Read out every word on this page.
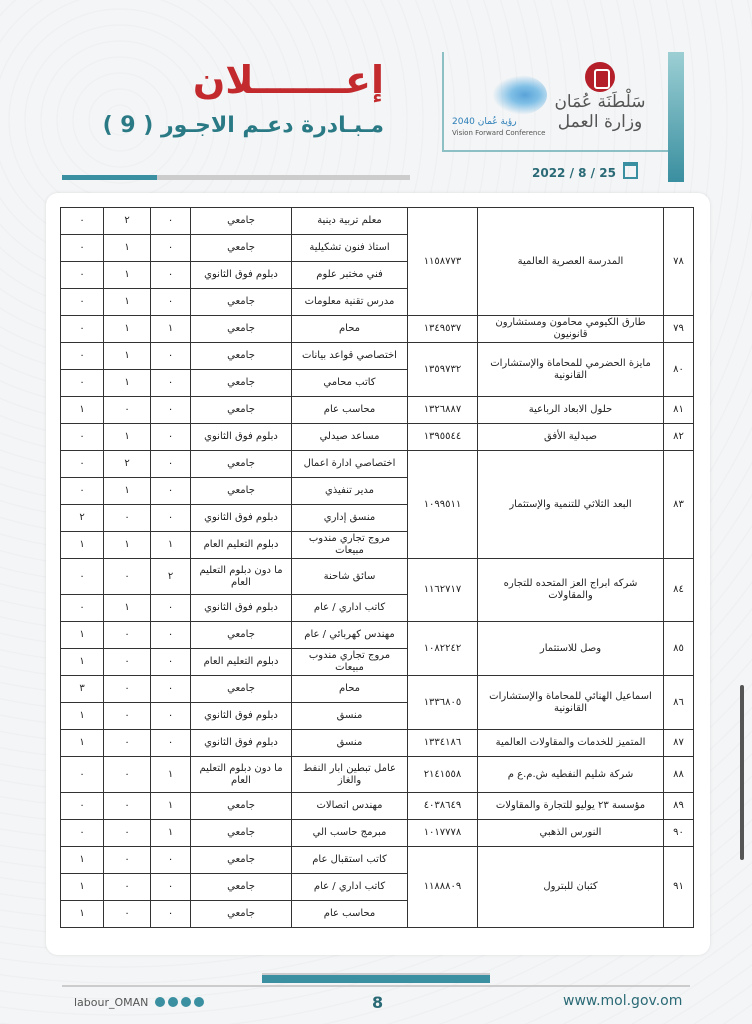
سَلْطَنَة عُمَان وزارة العمل
رؤية عُمان 2040
Vision Forward Conference
إعـــــــلان
مـبـادرة دعـم الاجـور ( 9 )
2022 / 8 / 25
٧٨	المدرسة العصرية العالمية	١١٥٨٧٧٣	معلم تربية دينية	جامعي	٠	٢	٠
			استاذ فنون تشكيلية	جامعي	٠	١	٠
			فني مختبر علوم	دبلوم فوق الثانوي	٠	١	٠
			مدرس تقنية معلومات	جامعي	٠	١	٠
٧٩	طارق الكيومي محامون ومستشارون قانونيون	١٣٤٩٥٣٧	محام	جامعي	١	١	٠
٨٠	مايزة الحضرمي للمحاماة والإستشارات القانونية	١٣٥٩٧٣٢	اختصاصي قواعد بيانات	جامعي	٠	١	٠
			كاتب محامي	جامعي	٠	١	٠
٨١	حلول الابعاد الرباعية	١٣٢٦٨٨٧	محاسب عام	جامعي	٠	٠	١
٨٢	صيدلية الأفق	١٣٩٥٥٤٤	مساعد صيدلي	دبلوم فوق الثانوي	٠	١	٠
٨٣	البعد الثلاثي للتنمية والإستثمار	١٠٩٩٥١١	اختصاصي ادارة اعمال	جامعي	٠	٢	٠
			مدير تنفيذي	جامعي	٠	١	٠
			منسق إداري	دبلوم فوق الثانوي	٠	٠	٢
			مروج تجاري مندوب مبيعات	دبلوم التعليم العام	١	١	١
٨٤	شركه ابراج العز المتحده للتجاره والمقاولات	١١٦٢٧١٧	سائق شاحنة	ما دون دبلوم التعليم العام	٢	٠	٠
			كاتب اداري / عام	دبلوم فوق الثانوي	٠	١	٠
٨٥	وصل للاستثمار	١٠٨٢٢٤٢	مهندس كهربائي / عام	جامعي	٠	٠	١
			مروج تجاري مندوب مبيعات	دبلوم التعليم العام	٠	٠	١
٨٦	اسماعيل الهنائي للمحاماة والإستشارات القانونية	١٣٣٦٨٠٥	محام	جامعي	٠	٠	٣
			منسق	دبلوم فوق الثانوي	٠	٠	١
٨٧	المتميز للخدمات والمقاولات العالمية	١٣٣٤١٨٦	منسق	دبلوم فوق الثانوي	٠	٠	١
٨٨	شركة شليم النفطيه ش.م.ع م	٢١٤١٥٥٨	عامل تبطين ابار النفط والغاز	ما دون دبلوم التعليم العام	١	٠	٠
٨٩	مؤسسة ٢٣ يوليو للتجارة والمقاولات	٤٠٣٨٦٤٩	مهندس اتصالات	جامعي	١	٠	٠
٩٠	النورس الذهبي	١٠١٧٧٧٨	مبرمج حاسب الي	جامعي	١	٠	٠
٩١	كثبان للبترول	١١٨٨٨٠٩	كاتب استقبال عام	جامعي	٠	٠	١
			كاتب اداري / عام	جامعي	٠	٠	١
			محاسب عام	جامعي	٠	٠	١
labour_OMAN	8	www.mol.gov.om
